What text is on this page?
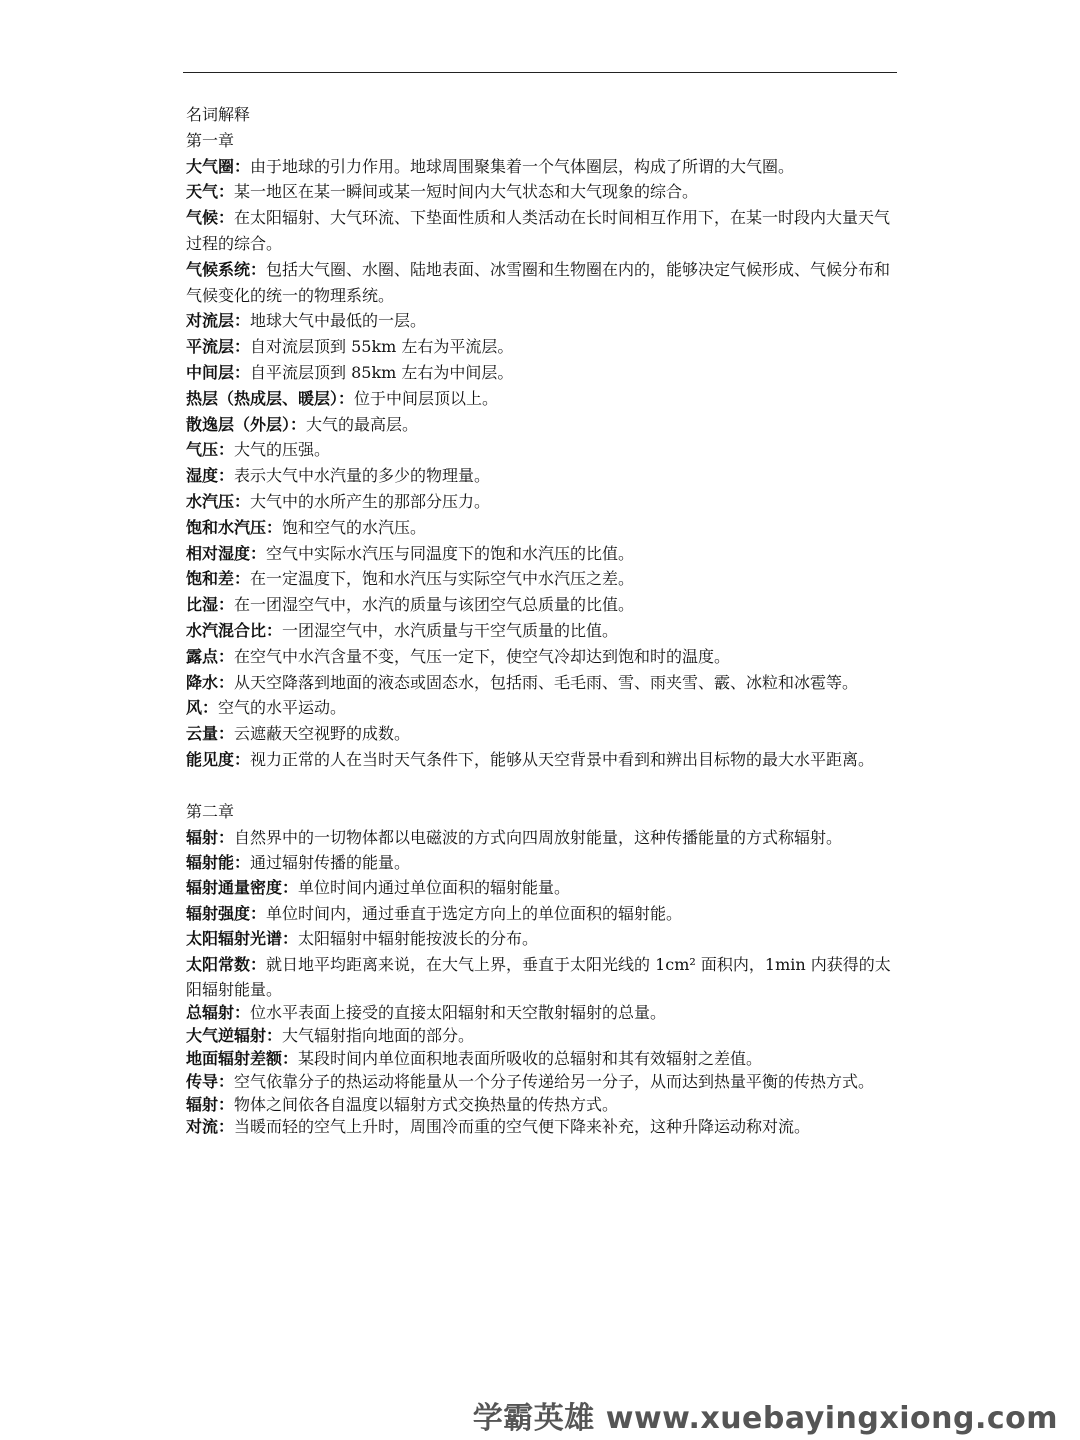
名词解释

第一章

大气圈：由于地球的引力作用。地球周围聚集着一个气体圈层，构成了所谓的大气圈。

天气：某一地区在某一瞬间或某一短时间内大气状态和大气现象的综合。

气候：在太阳辐射、大气环流、下垫面性质和人类活动在长时间相互作用下，在某一时段内大量天气过程的综合。

气候系统：包括大气圈、水圈、陆地表面、冰雪圈和生物圈在内的，能够决定气候形成、气候分布和气候变化的统一的物理系统。

对流层：地球大气中最低的一层。

平流层：自对流层顶到 55km 左右为平流层。

中间层：自平流层顶到 85km 左右为中间层。

热层（热成层、暖层）：位于中间层顶以上。

散逸层（外层）：大气的最高层。

气压：大气的压强。

湿度：表示大气中水汽量的多少的物理量。

水汽压：大气中的水所产生的那部分压力。

饱和水汽压：饱和空气的水汽压。

相对湿度：空气中实际水汽压与同温度下的饱和水汽压的比值。

饱和差：在一定温度下，饱和水汽压与实际空气中水汽压之差。

比湿：在一团湿空气中，水汽的质量与该团空气总质量的比值。

水汽混合比：一团湿空气中，水汽质量与干空气质量的比值。

露点：在空气中水汽含量不变，气压一定下，使空气冷却达到饱和时的温度。

降水：从天空降落到地面的液态或固态水，包括雨、毛毛雨、雪、雨夹雪、霰、冰粒和冰雹等。

风：空气的水平运动。

云量：云遮蔽天空视野的成数。

能见度：视力正常的人在当时天气条件下，能够从天空背景中看到和辨出目标物的最大水平距离。

第二章

辐射：自然界中的一切物体都以电磁波的方式向四周放射能量，这种传播能量的方式称辐射。

辐射能：通过辐射传播的能量。

辐射通量密度：单位时间内通过单位面积的辐射能量。

辐射强度：单位时间内，通过垂直于选定方向上的单位面积的辐射能。

太阳辐射光谱：太阳辐射中辐射能按波长的分布。

太阳常数：就日地平均距离来说，在大气上界，垂直于太阳光线的 1cm² 面积内，1min 内获得的太阳辐射能量。

总辐射：位水平表面上接受的直接太阳辐射和天空散射辐射的总量。

大气逆辐射：大气辐射指向地面的部分。

地面辐射差额：某段时间内单位面积地表面所吸收的总辐射和其有效辐射之差值。

传导：空气依靠分子的热运动将能量从一个分子传递给另一分子，从而达到热量平衡的传热方式。

辐射：物体之间依各自温度以辐射方式交换热量的传热方式。

对流：当暖而轻的空气上升时，周围冷而重的空气便下降来补充，这种升降运动称对流。

学霸英雄 www.xuebayingxiong.com
